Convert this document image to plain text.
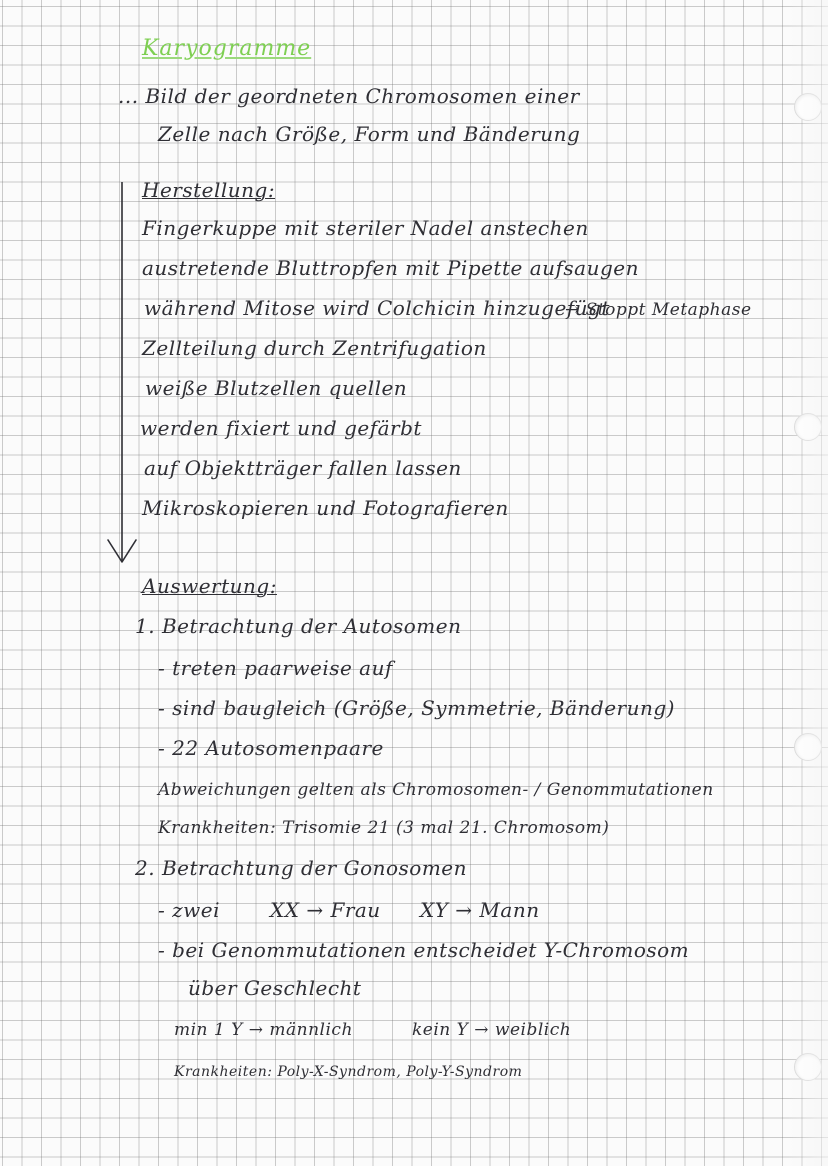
Karyogramme
... Bild der geordneten Chromosomen einer
Zelle nach Größe, Form und Bänderung
Herstellung:
Fingerkuppe mit steriler Nadel anstechen
austretende Bluttropfen mit Pipette aufsaugen
während Mitose wird Colchicin hinzugefügt
→ Stoppt Metaphase
Zellteilung durch Zentrifugation
weiße Blutzellen quellen
werden fixiert und gefärbt
auf Objektträger fallen lassen
Mikroskopieren und Fotografieren
Auswertung:
1. Betrachtung der Autosomen
- treten paarweise auf
- sind baugleich (Größe, Symmetrie, Bänderung)
- 22 Autosomenpaare
Abweichungen gelten als Chromosomen- / Genommutationen
Krankheiten: Trisomie 21 (3 mal 21. Chromosom)
2. Betrachtung der Gonosomen
- zwei XX → Frau XY → Mann
- bei Genommutationen entscheidet Y-Chromosom
über Geschlecht
min 1 Y → männlich	kein Y → weiblich
Krankheiten: Poly-X-Syndrom, Poly-Y-Syndrom
